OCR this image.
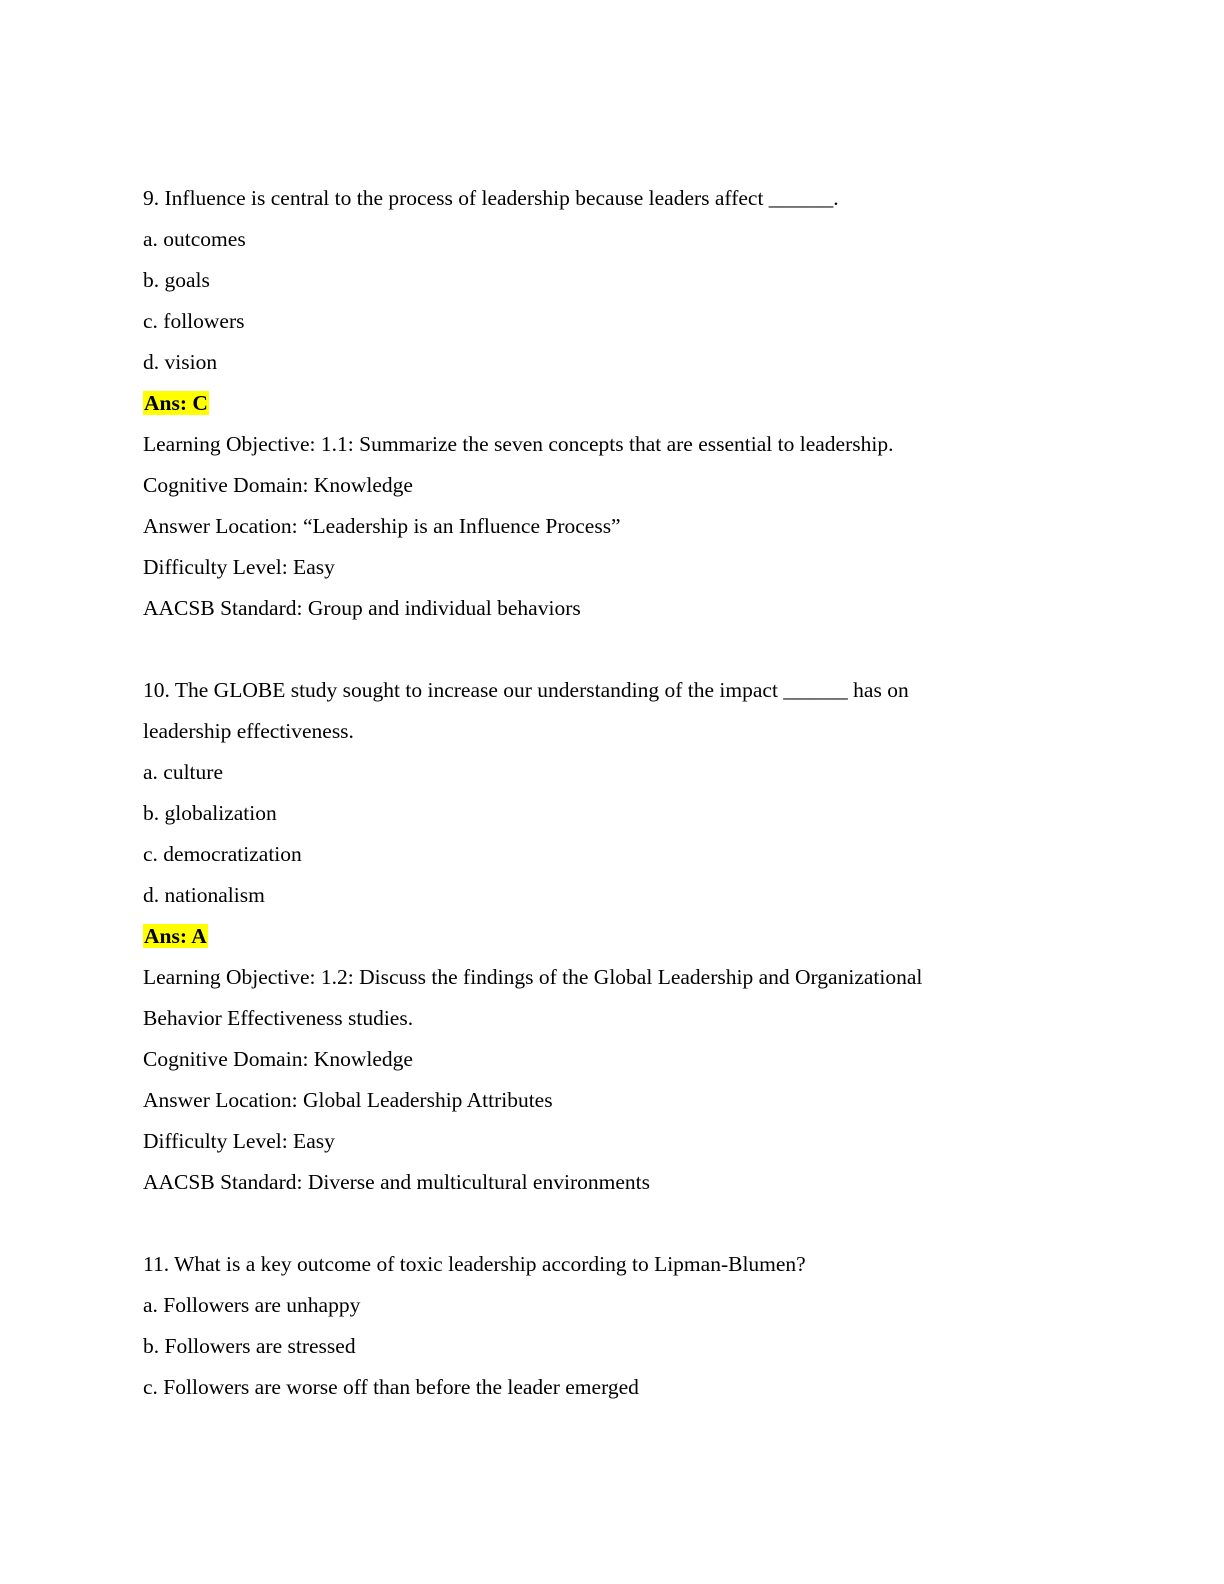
9. Influence is central to the process of leadership because leaders affect ______.
a. outcomes
b. goals
c. followers
d. vision
Ans: C
Learning Objective: 1.1: Summarize the seven concepts that are essential to leadership.
Cognitive Domain: Knowledge
Answer Location: “Leadership is an Influence Process”
Difficulty Level: Easy
AACSB Standard: Group and individual behaviors
10. The GLOBE study sought to increase our understanding of the impact ______ has on
leadership effectiveness.
a. culture
b. globalization
c. democratization
d. nationalism
Ans: A
Learning Objective: 1.2: Discuss the findings of the Global Leadership and Organizational
Behavior Effectiveness studies.
Cognitive Domain: Knowledge
Answer Location: Global Leadership Attributes
Difficulty Level: Easy
AACSB Standard: Diverse and multicultural environments
11. What is a key outcome of toxic leadership according to Lipman-Blumen?
a. Followers are unhappy
b. Followers are stressed
c. Followers are worse off than before the leader emerged
